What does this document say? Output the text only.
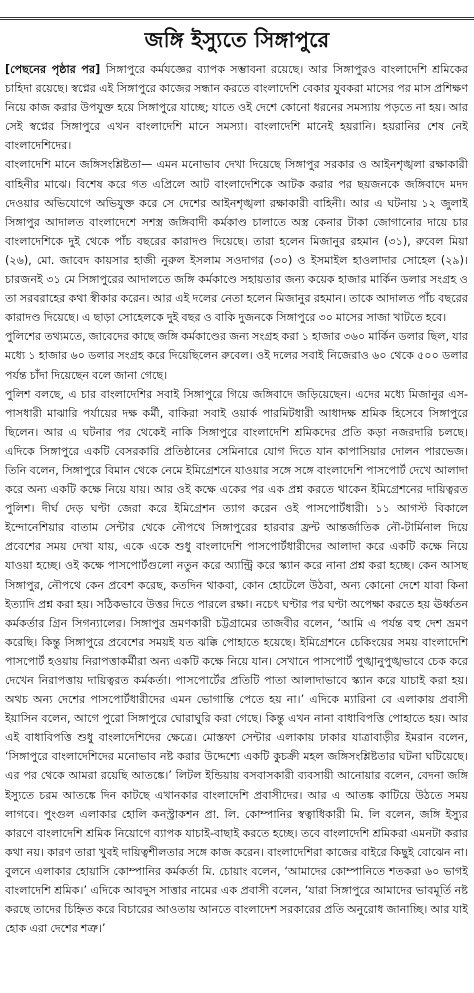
জঙ্গি ইস্যুতে সিঙ্গাপুরে

[ পেছনের পৃষ্ঠার পর ] সিঙ্গাপুরে কর্মযজ্ঞের ব্যাপক সম্ভাবনা রয়েছে। আর সিঙ্গাপুরও বাংলাদেশি শ্রমিকের চাহিদা রয়েছে। স্বপ্নের এই সিঙ্গাপুরে কাজের সন্ধান করতে বাংলাদেশি বেকার যুবকরা মাসের পর মাস প্রশিক্ষণ নিয়ে কাজ করার উপযুক্ত হয়ে সিঙ্গাপুরে যাচ্ছে; যাতে ওই দেশে কোনো ধরনের সমস্যায় পড়তে না হয়। আর সেই স্বপ্নের সিঙ্গাপুরে এখন বাংলাদেশি মানে সমস্যা। বাংলাদেশি মানেই হয়রানি। হয়রানির শেষ নেই বাংলাদেশিদের।

বাংলাদেশি মানে জঙ্গিসংশ্লিষ্টতা— এমন মনোভাব দেখা দিয়েছে সিঙ্গাপুর সরকার ও আইনশৃঙ্খলা রক্ষাকারী বাহিনীর মাঝে। বিশেষ করে গত এপ্রিলে আট বাংলাদেশিকে আটক করার পর ছয়জনকে জঙ্গিবাদে মদদ দেওয়ার অভিযোগে অভিযুক্ত করে সে দেশের আইনশৃঙ্খলা রক্ষাকারী বাহিনী। আর এ ঘটনায় ১২ জুলাই সিঙ্গাপুর আদালত বাংলাদেশে সশস্ত্র জঙ্গিবাদী কর্মকাণ্ড চালাতে অস্ত্র কেনার টাকা জোগানোর দায়ে চার বাংলাদেশিকে দুই থেকে পাঁচ বছরের কারাদণ্ড দিয়েছে। তারা হলেন মিজানুর রহমান (৩১), রুবেল মিয়া (২৬), মো. জাবেদ কায়সার হাজী নুরুল ইসলাম সওদাগর (৩০) ও ইসমাইল হাওলাদার সোহেল (২৯)। চারজনই ৩১ মে সিঙ্গাপুরের আদালতে জঙ্গি কর্মকাণ্ডে সহায়তার জন্য কয়েক হাজার মার্কিন ডলার সংগ্রহ ও তা সরবরাহের কথা স্বীকার করেন। আর এই দলের নেতা হলেন মিজানুর রহমান। তাকে আদালত পাঁচ বছরের কারাদণ্ড দিয়েছে। এ ছাড়া সোহেলকে দুই বছর ও বাকি দুজনকে সিঙ্গাপুরে ৩০ মাসের সাজা খাটতে হবে।

পুলিশের তথ্যমতে, জাবেদের কাছে জঙ্গি কর্মকাণ্ডের জন্য সংগ্রহ করা ১ হাজার ৩৬০ মার্কিন ডলার ছিল, যার মধ্যে ১ হাজার ৬০ ডলার সংগ্রহ করে দিয়েছিলেন রুবেল। ওই দলের সবাই নিজেরাও ৬০ থেকে ৫০০ ডলার পর্যন্ত চাঁদা দিয়েছেন বলে জানা গেছে।

পুলিশ বলছে, এ চার বাংলাদেশির সবাই সিঙ্গাপুরে গিয়ে জঙ্গিবাদে জড়িয়েছেন। এদের মধ্যে মিজানুর এস-পাসধারী মাঝারি পর্যায়ের দক্ষ কর্মী, বাকিরা সবাই ওয়ার্ক পারমিটধারী আধাদক্ষ শ্রমিক হিসেবে সিঙ্গাপুরে ছিলেন। আর এ ঘটনার পর থেকেই নাকি সিঙ্গাপুরে বাংলাদেশি শ্রমিকদের প্রতি কড়া নজরদারি চলছে। এদিকে সিঙ্গাপুরে একটি বেসরকারি প্রতিষ্ঠানের সেমিনারে যোগ দিতে যান কাপাসিয়ার দোলন পারভেজ। তিনি বলেন, সিঙ্গাপুরে বিমান থেকে নেমে ইমিগ্রেশনে যাওয়ার সঙ্গে সঙ্গে বাংলাদেশি পাসপোর্ট দেখে আলাদা করে অন্য একটি কক্ষে নিয়ে যায়। আর ওই কক্ষে একের পর এক প্রশ্ন করতে থাকেন ইমিগ্রেশনের দায়িত্বরত পুলিশ। দীর্ঘ দেড় ঘণ্টা জেরা করে ইমিগ্রেশন ত্যাগ করেন ওই পাসপোর্টধারী। ১১ আগস্ট বিকালে ইন্দোনেশিয়ার বাতাম সেন্টার থেকে নৌপথে সিঙ্গাপুরের হারবার ফ্রন্ট আন্তর্জাতিক নৌ-টার্মিনাল দিয়ে প্রবেশের সময় দেখা যায়, একে একে শুধু বাংলাদেশি পাসপোর্টধারীদের আলাদা করে একটি কক্ষে নিয়ে যাওয়া হচ্ছে। ওই কক্ষে পাসপোর্টগুলো নতুন করে অ্যান্ট্রি করে স্ক্যান করে নানা প্রশ্ন করা হচ্ছে। কেন আসছ সিঙ্গাপুর, নৌপথে কেন প্রবেশ করেছ, কতদিন থাকবা, কোন হোটেলে উঠবা, অন্য কোনো দেশে যাবা কিনা ইত্যাদি প্রশ্ন করা হয়। সঠিকভাবে উত্তর দিতে পারলে রক্ষা। নচেৎ ঘণ্টার পর ঘণ্টা অপেক্ষা করতে হয় ঊর্ধ্বতন কর্মকর্তার গ্রিন সিগন্যালের। সিঙ্গাপুর ভ্রমণকারী চট্টগ্রামের তাজবীর বলেন, ‘আমি এ পর্যন্ত বহু দেশ ভ্রমণ করেছি। কিন্তু সিঙ্গাপুরে প্রবেশের সময়ই যত ঝক্কি পোহাতে হয়েছে। ইমিগ্রেশনে চেকিংয়ের সময় বাংলাদেশি পাসপোর্ট হওয়ায় নিরাপত্তাকর্মীরা অন্য একটি কক্ষে নিয়ে যান। সেখানে পাসপোর্ট পুঙ্খানুপুঙ্খভাবে চেক করে দেখেন নিরাপত্তায় দায়িত্বরত কর্মকর্তা। পাসপোর্টের প্রতিটি পাতা আলাদাভাবে স্ক্যান করে যাচাই করা হয়। অথচ অন্য দেশের পাসপোর্টধারীদের এমন ভোগান্তি পেতে হয় না।’ এদিকে ম্যারিনা বে এলাকায় প্রবাসী ইয়াসিন বলেন, আগে পুরো সিঙ্গাপুরে ঘোরাঘুরি করা গেছে। কিন্তু এখন নানা বাধাবিপত্তি পোহাতে হয়। আর এই বাধাবিপত্তি শুধু বাংলাদেশিদের ক্ষেত্রে। মোস্তফা সেন্টার এলাকায় ঢাকার যাত্রাবাড়ীর ইমরান বলেন, ‘সিঙ্গাপুরে বাংলাদেশিদের মনোভাব নষ্ট করার উদ্দেশ্যে একটি কুচক্রী মহল জঙ্গিসংশ্লিষ্টতার ঘটনা ঘটিয়েছে। এর পর থেকে আমরা রয়েছি আতঙ্কে।’ লিটল ইন্ডিয়ায় বসবাসকারী ব্যবসায়ী আনোয়ার বলেন, বেদনা জঙ্গি ইস্যুতে চরম আতঙ্কে দিন কাটছে এখানকার বাংলাদেশি প্রবাসীদের। আর এ আতঙ্ক কাটিয়ে উঠতে সময় লাগবে। পুংগুল এলাকার হোলি কনস্ট্রাকশন প্রা. লি. কোম্পানির স্বত্বাধিকারী মি. লি বলেন, জঙ্গি ইস্যুর কারণে বাংলাদেশি শ্রমিক নিয়োগে ব্যাপক যাচাই-বাছাই করতে হচ্ছে। তবে বাংলাদেশি শ্রমিকরা এমনটা করার কথা নয়। কারণ তারা খুবই দায়িত্বশীলতার সঙ্গে কাজ করেন। বাংলাদেশিরা কাজের বাইরে কিছুই বোঝেন না। বুলনে এলাকার হোয়াসি কোম্পানির কর্মকর্তা মি. চোয়াং বলেন, ‘আমাদের কোম্পানিতে শতকরা ৬০ ভাগই বাংলাদেশি শ্রমিক।’ এদিকে আবদুস সাত্তার নামের এক প্রবাসী বলেন, ‘যারা সিঙ্গাপুরে আমাদের ভাবমূর্তি নষ্ট করছে তাদের চিহ্নিত করে বিচারের আওতায় আনতে বাংলাদেশ সরকারের প্রতি অনুরোধ জানাচ্ছি। আর যাই হোক এরা দেশের শত্রু।’
